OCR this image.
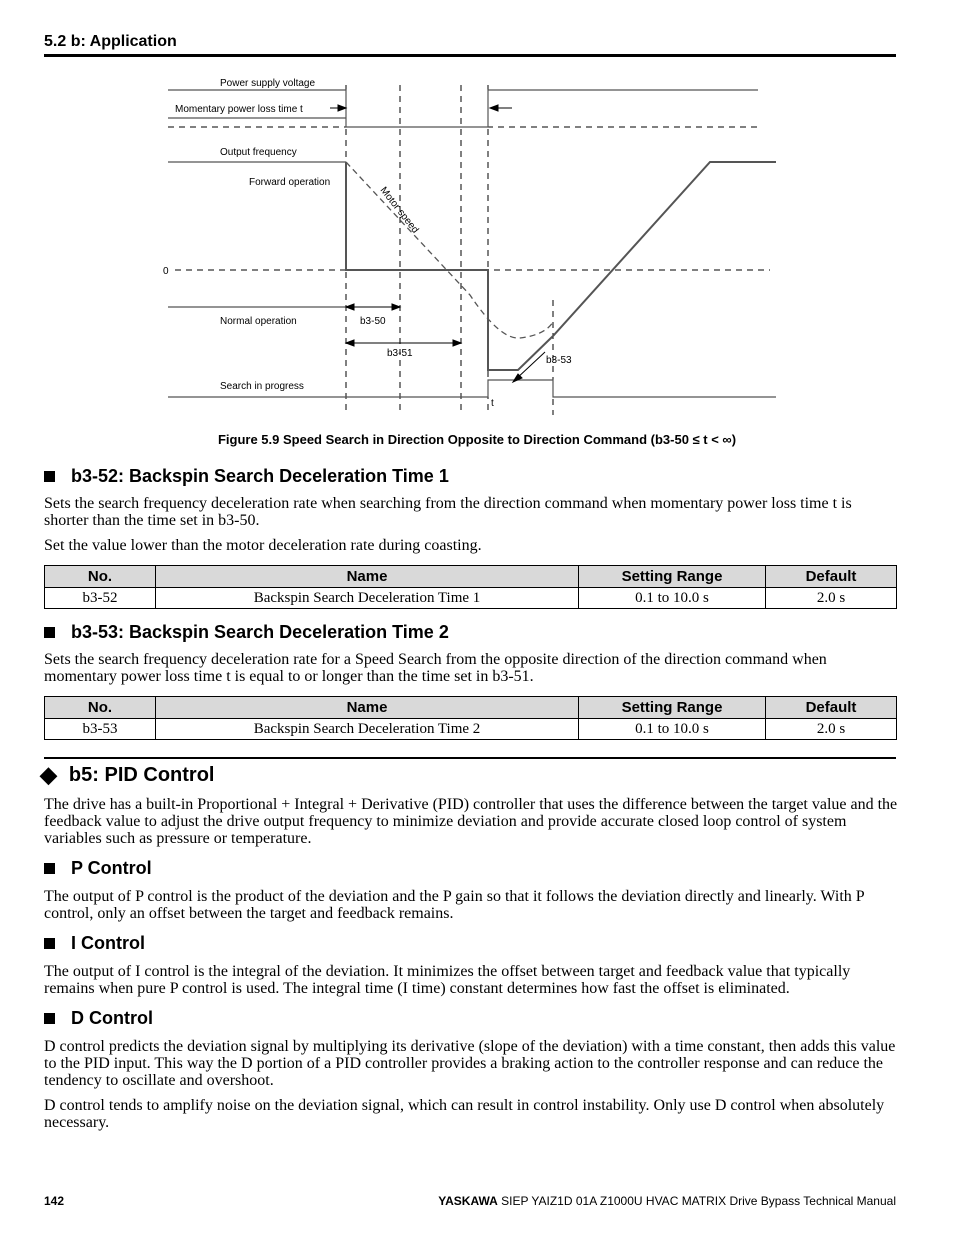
5.2 b: Application
Power supply voltage
Momentary power loss time t
Output frequency
Forward operation
0
Motor speed
Normal operation	b3-50
b3-51
b3-53
Search in progress
t
Figure 5.9 Speed Search in Direction Opposite to Direction Command (b3-50 ≤ t < ∞)
b3-52: Backspin Search Deceleration Time 1
Sets the search frequency deceleration rate when searching from the direction command when momentary power loss time t is shorter than the time set in b3-50.
Set the value lower than the motor deceleration rate during coasting.
No.	Name	Setting Range	Default
b3-52	Backspin Search Deceleration Time 1	0.1 to 10.0 s	2.0 s
b3-53: Backspin Search Deceleration Time 2
Sets the search frequency deceleration rate for a Speed Search from the opposite direction of the direction command when momentary power loss time t is equal to or longer than the time set in b3-51.
No.	Name	Setting Range	Default
b3-53	Backspin Search Deceleration Time 2	0.1 to 10.0 s	2.0 s
◆ b5: PID Control
The drive has a built-in Proportional + Integral + Derivative (PID) controller that uses the difference between the target value and the feedback value to adjust the drive output frequency to minimize deviation and provide accurate closed loop control of system variables such as pressure or temperature.
P Control
The output of P control is the product of the deviation and the P gain so that it follows the deviation directly and linearly. With P control, only an offset between the target and feedback remains.
I Control
The output of I control is the integral of the deviation. It minimizes the offset between target and feedback value that typically remains when pure P control is used. The integral time (I time) constant determines how fast the offset is eliminated.
D Control
D control predicts the deviation signal by multiplying its derivative (slope of the deviation) with a time constant, then adds this value to the PID input. This way the D portion of a PID controller provides a braking action to the controller response and can reduce the tendency to oscillate and overshoot.
D control tends to amplify noise on the deviation signal, which can result in control instability. Only use D control when absolutely necessary.
142	YASKAWA SIEP YAIZ1D 01A Z1000U HVAC MATRIX Drive Bypass Technical Manual
